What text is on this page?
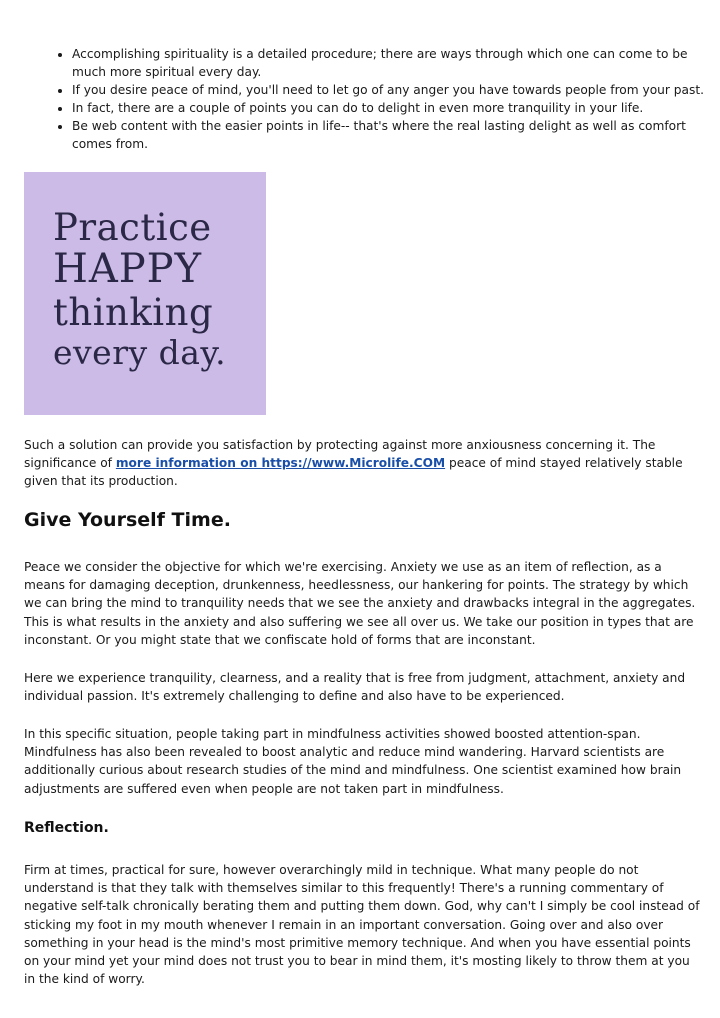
• Accomplishing spirituality is a detailed procedure; there are ways through which one can come to be much more spiritual every day.
• If you desire peace of mind, you'll need to let go of any anger you have towards people from your past.
• In fact, there are a couple of points you can do to delight in even more tranquility in your life.
• Be web content with the easier points in life-- that's where the real lasting delight as well as comfort comes from.
Practice
HAPPY
thinking
every day.

Such a solution can provide you satisfaction by protecting against more anxiousness concerning it. The significance of more information on https://www.Microlife.COM peace of mind stayed relatively stable given that its production.

Give Yourself Time.

Peace we consider the objective for which we're exercising. Anxiety we use as an item of reflection, as a means for damaging deception, drunkenness, heedlessness, our hankering for points. The strategy by which we can bring the mind to tranquility needs that we see the anxiety and drawbacks integral in the aggregates. This is what results in the anxiety and also suffering we see all over us. We take our position in types that are inconstant. Or you might state that we confiscate hold of forms that are inconstant.

Here we experience tranquility, clearness, and a reality that is free from judgment, attachment, anxiety and individual passion. It's extremely challenging to define and also have to be experienced.

In this specific situation, people taking part in mindfulness activities showed boosted attention-span. Mindfulness has also been revealed to boost analytic and reduce mind wandering. Harvard scientists are additionally curious about research studies of the mind and mindfulness. One scientist examined how brain adjustments are suffered even when people are not taken part in mindfulness.

Reflection.

Firm at times, practical for sure, however overarchingly mild in technique. What many people do not understand is that they talk with themselves similar to this frequently! There's a running commentary of negative self-talk chronically berating them and putting them down. God, why can't I simply be cool instead of sticking my foot in my mouth whenever I remain in an important conversation. Going over and also over something in your head is the mind's most primitive memory technique. And when you have essential points on your mind yet your mind does not trust you to bear in mind them, it's mosting likely to throw them at you in the kind of worry.
